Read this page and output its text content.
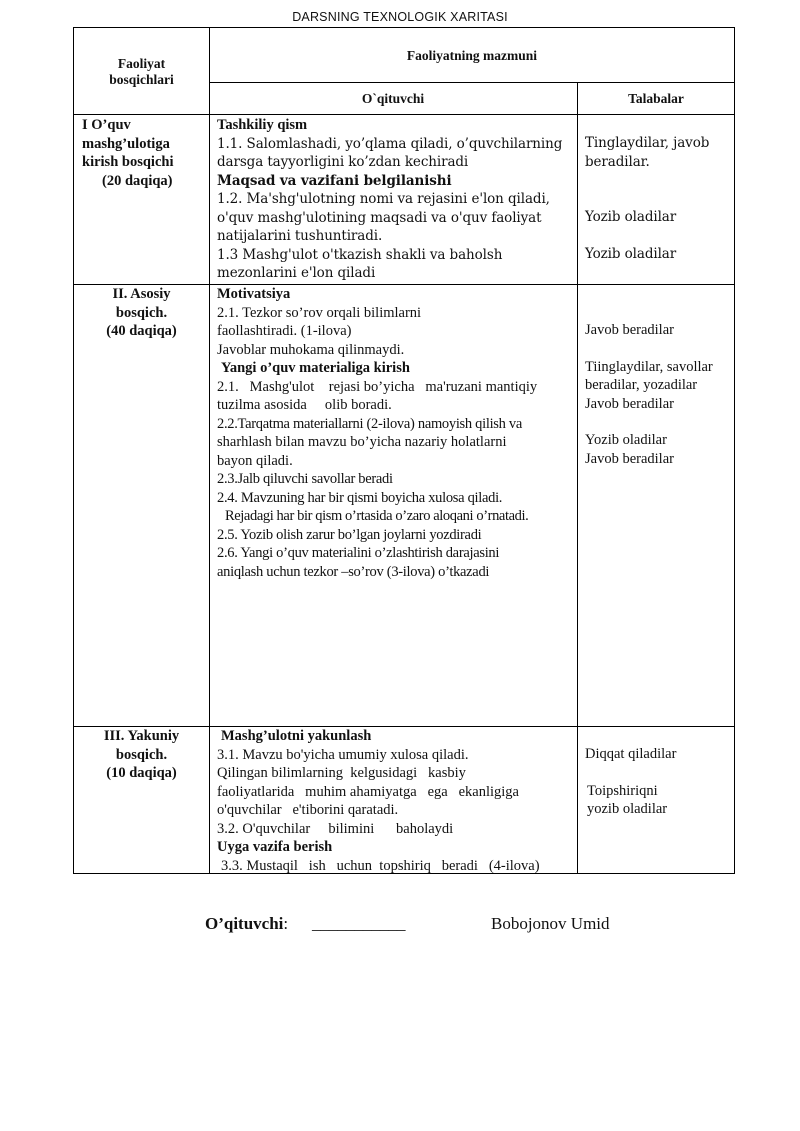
DARSNING TEXNOLOGIK XARITASI
Faoliyat
bosqichlari
Faoliyatning mazmuni
O`qituvchi	Talabalar
I O’quv
mashg’ulotiga
kirish bosqichi
(20 daqiqa)
Tashkiliy qism
1.1. Salomlashadi, yo’qlama qiladi, o’quvchilarning
darsga tayyorligini ko’zdan kechiradi
Maqsad va vazifani belgilanishi
1.2. Ma'shg'ulotning nomi va rejasini e'lon qiladi,
o'quv mashg'ulotining maqsadi va o'quv faoliyat
natijalarini tushuntiradi.
1.3 Mashg'ulot o'tkazish shakli va baholsh
mezonlarini e'lon qiladi
Tinglaydilar, javob
beradilar.
Yozib oladilar
Yozib oladilar
II. Asosiy
bosqich.
(40 daqiqa)
Motivatsiya
2.1. Tezkor so’rov orqali bilimlarni
faollashtiradi. (1-ilova)
Javoblar muhokama qilinmaydi.
Yangi o’quv materialiga kirish
2.1.   Mashg'ulot    rejasi bo’yicha   ma'ruzani mantiqiy
tuzilma asosida     olib boradi.
2.2.Tarqatma materiallarni (2-ilova) namoyish qilish va
sharhlash bilan mavzu bo’yicha nazariy holatlarni
bayon qiladi.
2.3.Jalb qiluvchi savollar beradi
2.4. Mavzuning har bir qismi boyicha xulosa qiladi.
Rejadagi har bir qism o’rtasida o’zaro aloqani o’rnatadi.
2.5. Yozib olish zarur bo’lgan joylarni yozdiradi
2.6. Yangi o’quv materialini o’zlashtirish darajasini
aniqlash uchun tezkor –so’rov (3-ilova) o’tkazadi
Javob beradilar
Tiinglaydilar, savollar
beradilar, yozadilar
Javob beradilar
Yozib oladilar
Javob beradilar
III. Yakuniy
bosqich.
(10 daqiqa)
Mashg’ulotni yakunlash
3.1. Mavzu bo'yicha umumiy xulosa qiladi.
Qilingan bilimlarning  kelgusidagi   kasbiy
faoliyatlarida   muhim ahamiyatga   ega   ekanligiga
o'quvchilar   e'tiborini qaratadi.
3.2. O'quvchilar     bilimini      baholaydi
Uyga vazifa berish
3.3. Mustaqil   ish   uchun  topshiriq   beradi   (4-ilova)
Diqqat qiladilar
Toipshiriqni
yozib oladilar
O’qituvchi: ___________	Bobojonov Umid
